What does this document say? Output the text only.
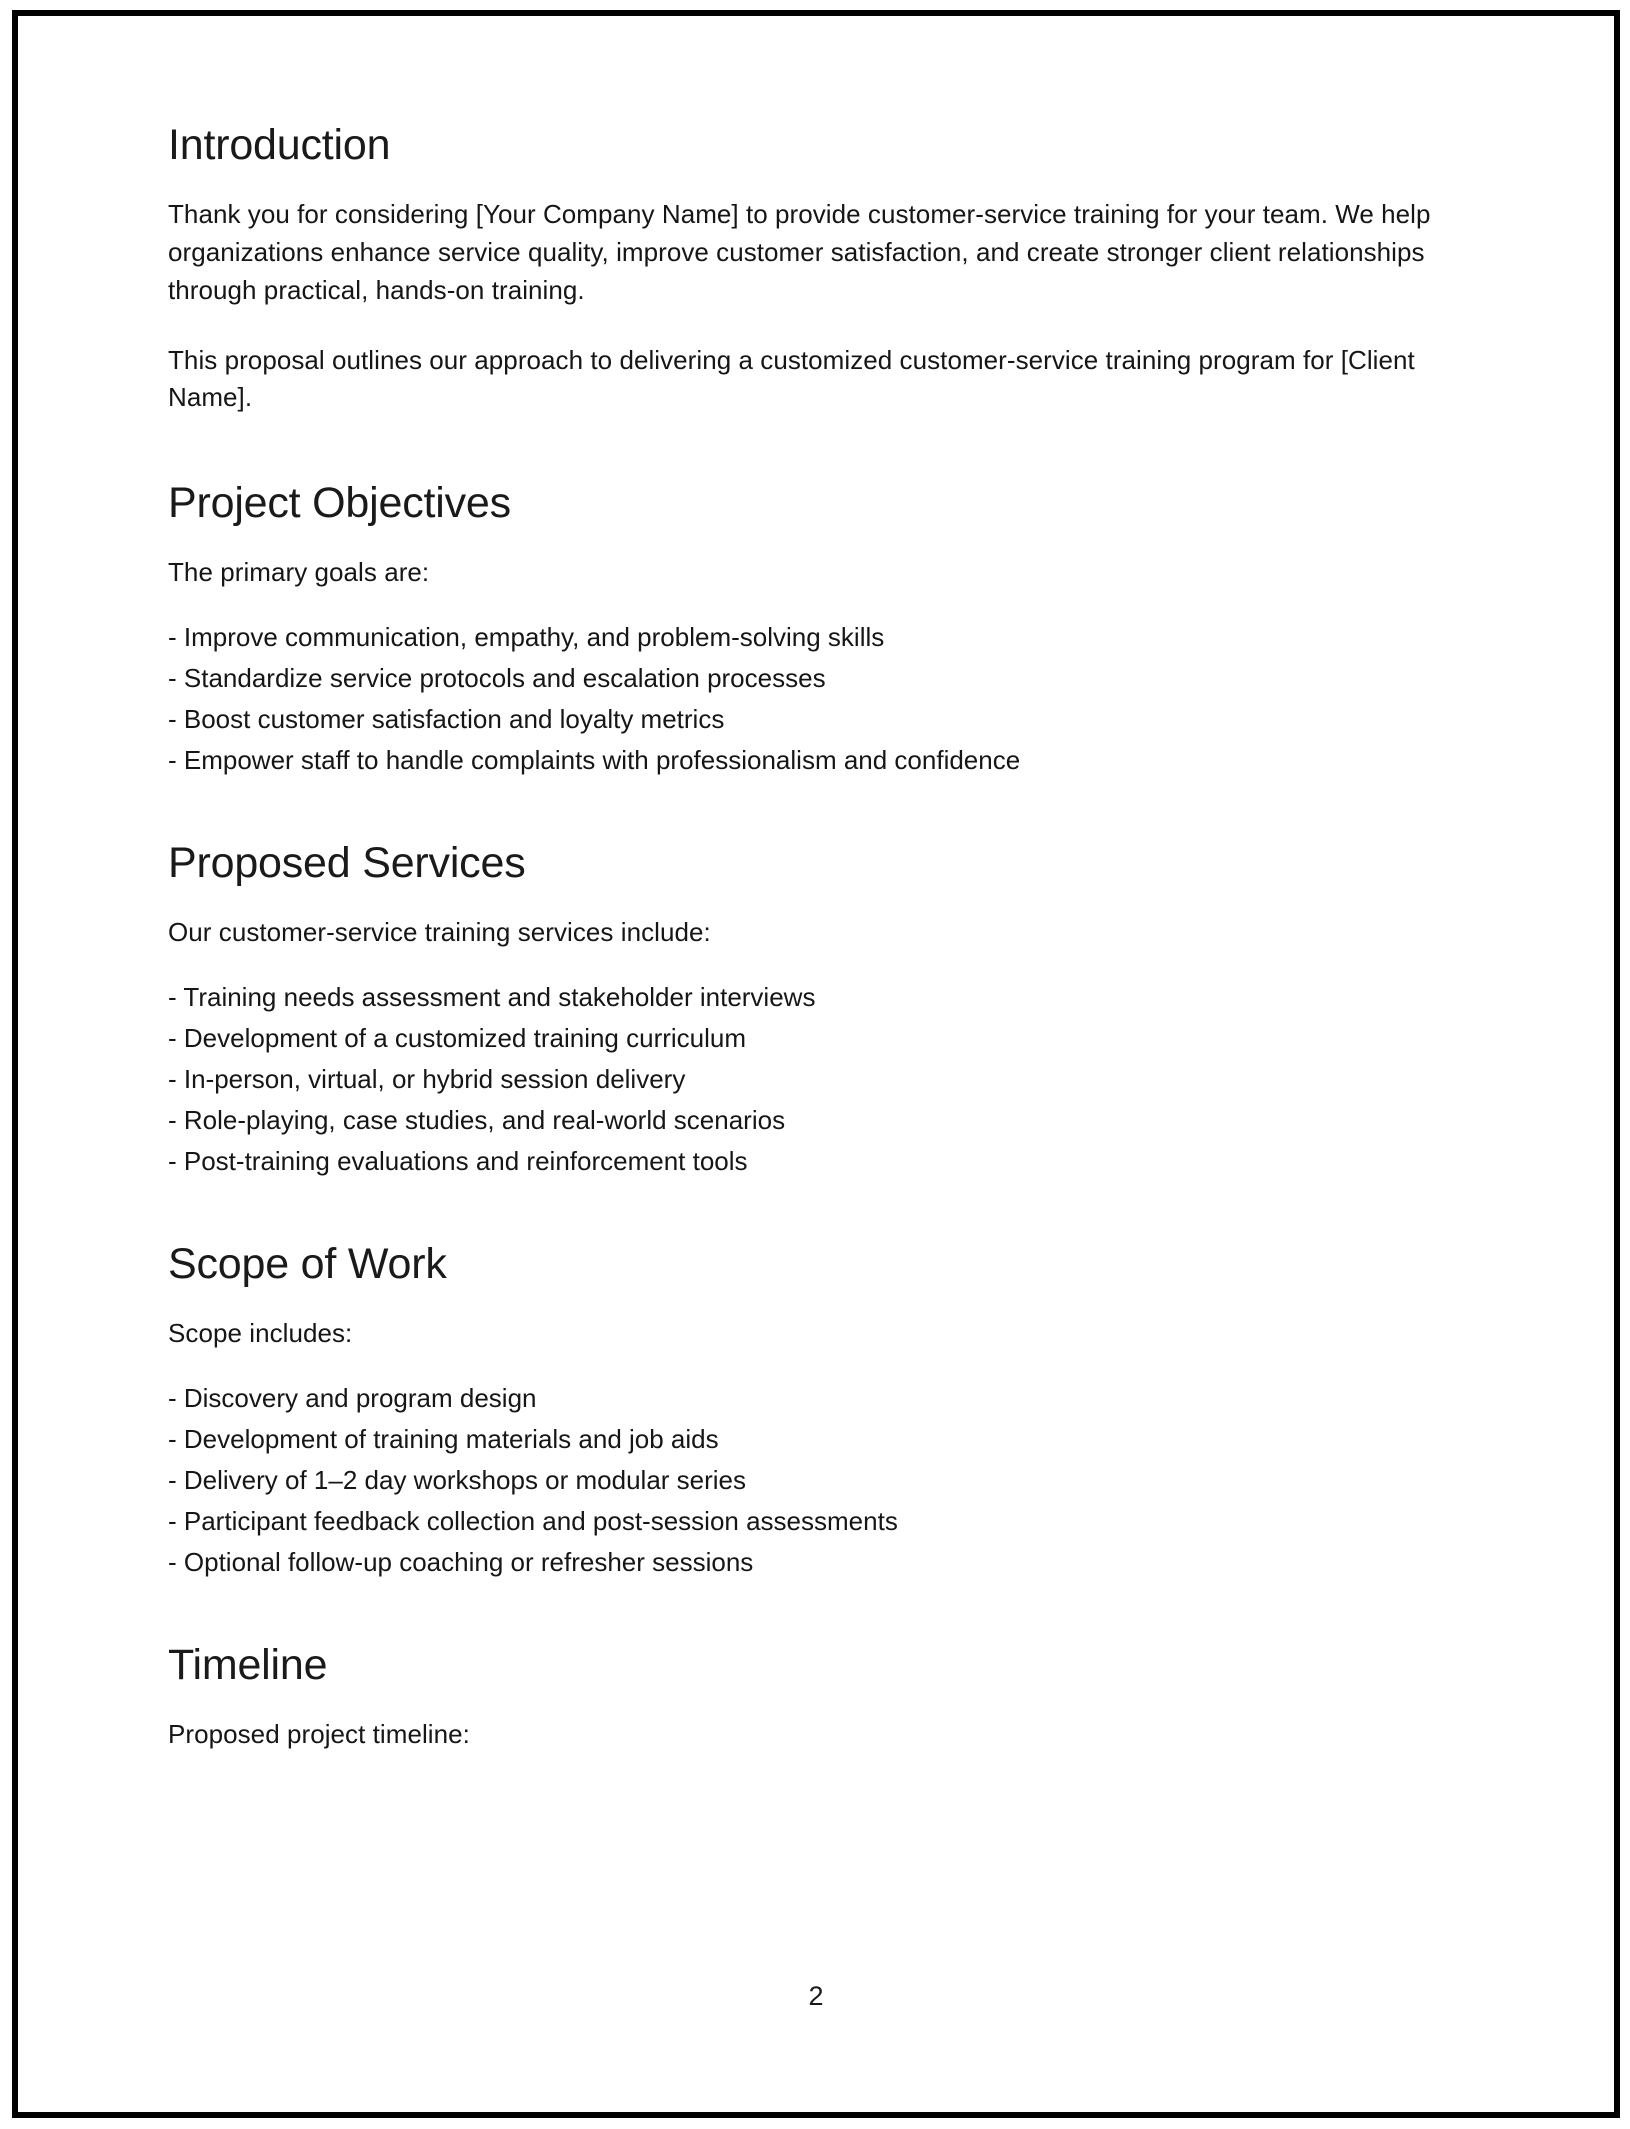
Introduction

Thank you for considering [Your Company Name] to provide customer-service training for your team. We help organizations enhance service quality, improve customer satisfaction, and create stronger client relationships through practical, hands-on training.

This proposal outlines our approach to delivering a customized customer-service training program for [Client Name].

Project Objectives

The primary goals are:

- Improve communication, empathy, and problem-solving skills
- Standardize service protocols and escalation processes
- Boost customer satisfaction and loyalty metrics
- Empower staff to handle complaints with professionalism and confidence
Proposed Services

Our customer-service training services include:

- Training needs assessment and stakeholder interviews
- Development of a customized training curriculum
- In-person, virtual, or hybrid session delivery
- Role-playing, case studies, and real-world scenarios
- Post-training evaluations and reinforcement tools
Scope of Work

Scope includes:

- Discovery and program design
- Development of training materials and job aids
- Delivery of 1–2 day workshops or modular series
- Participant feedback collection and post-session assessments
- Optional follow-up coaching or refresher sessions
Timeline

Proposed project timeline:

2
